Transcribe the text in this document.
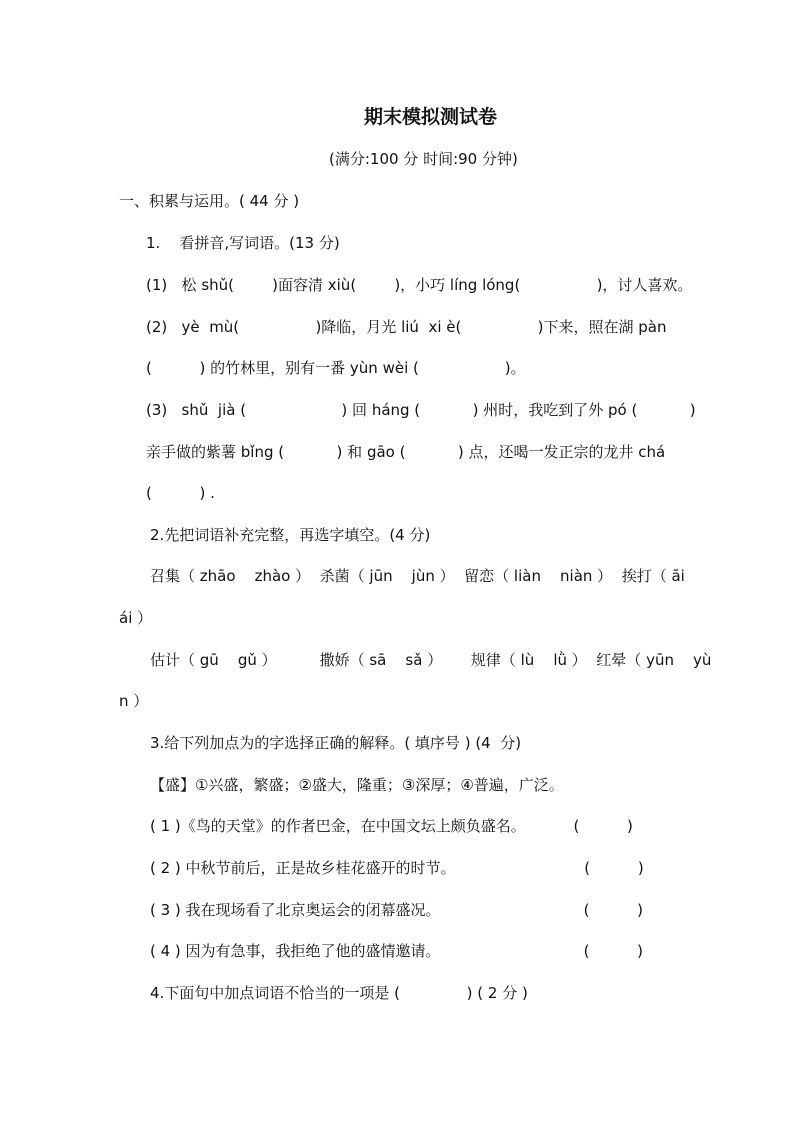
期末模拟测试卷

(满分:100 分 时间:90 分钟)

一、积累与运用。( 44 分 )

1.    看拼音,写词语。(13 分)

(1)   松 shǔ(        )面容清 xiù(        )，小巧 líng lóng(                )，讨人喜欢。

(2)   yè  mù(                )降临，月光 liú  xi è(                )下来，照在湖 pàn

(          ) 的竹林里，别有一番 yùn wèi (                  )。

(3)   shǔ  jià (                    ) 回 háng (           ) 州时，我吃到了外 pó (           )

亲手做的紫薯 bǐng (           ) 和 gāo (           ) 点，还喝一发正宗的龙井 chá

(          ) .

2.先把词语补充完整，再选字填空。(4 分)

召集（ zhāo    zhào ）  杀菌（ jūn    jùn ）  留恋（ liàn    niàn ）  挨打（ āi

ái ）

估计（ gū    gǔ ）         撒娇（ sā    sǎ ）      规律（ lù    lǜ ）  红晕（ yūn    yù

n ）

3.给下列加点为的字选择正确的解释。( 填序号 ) (4  分)

【盛】①兴盛，繁盛；②盛大，隆重；③深厚；④普遍，广泛。

( 1 )《鸟的天堂》的作者巴金，在中国文坛上颇负盛名。          (          )

( 2 ) 中秋节前后，正是故乡桂花盛开的时节。                           (          )

( 3 ) 我在现场看了北京奥运会的闭幕盛况。                              (          )

( 4 ) 因为有急事，我拒绝了他的盛情邀请。                              (          )

4.下面句中加点词语不恰当的一项是 (              ) ( 2 分 )
